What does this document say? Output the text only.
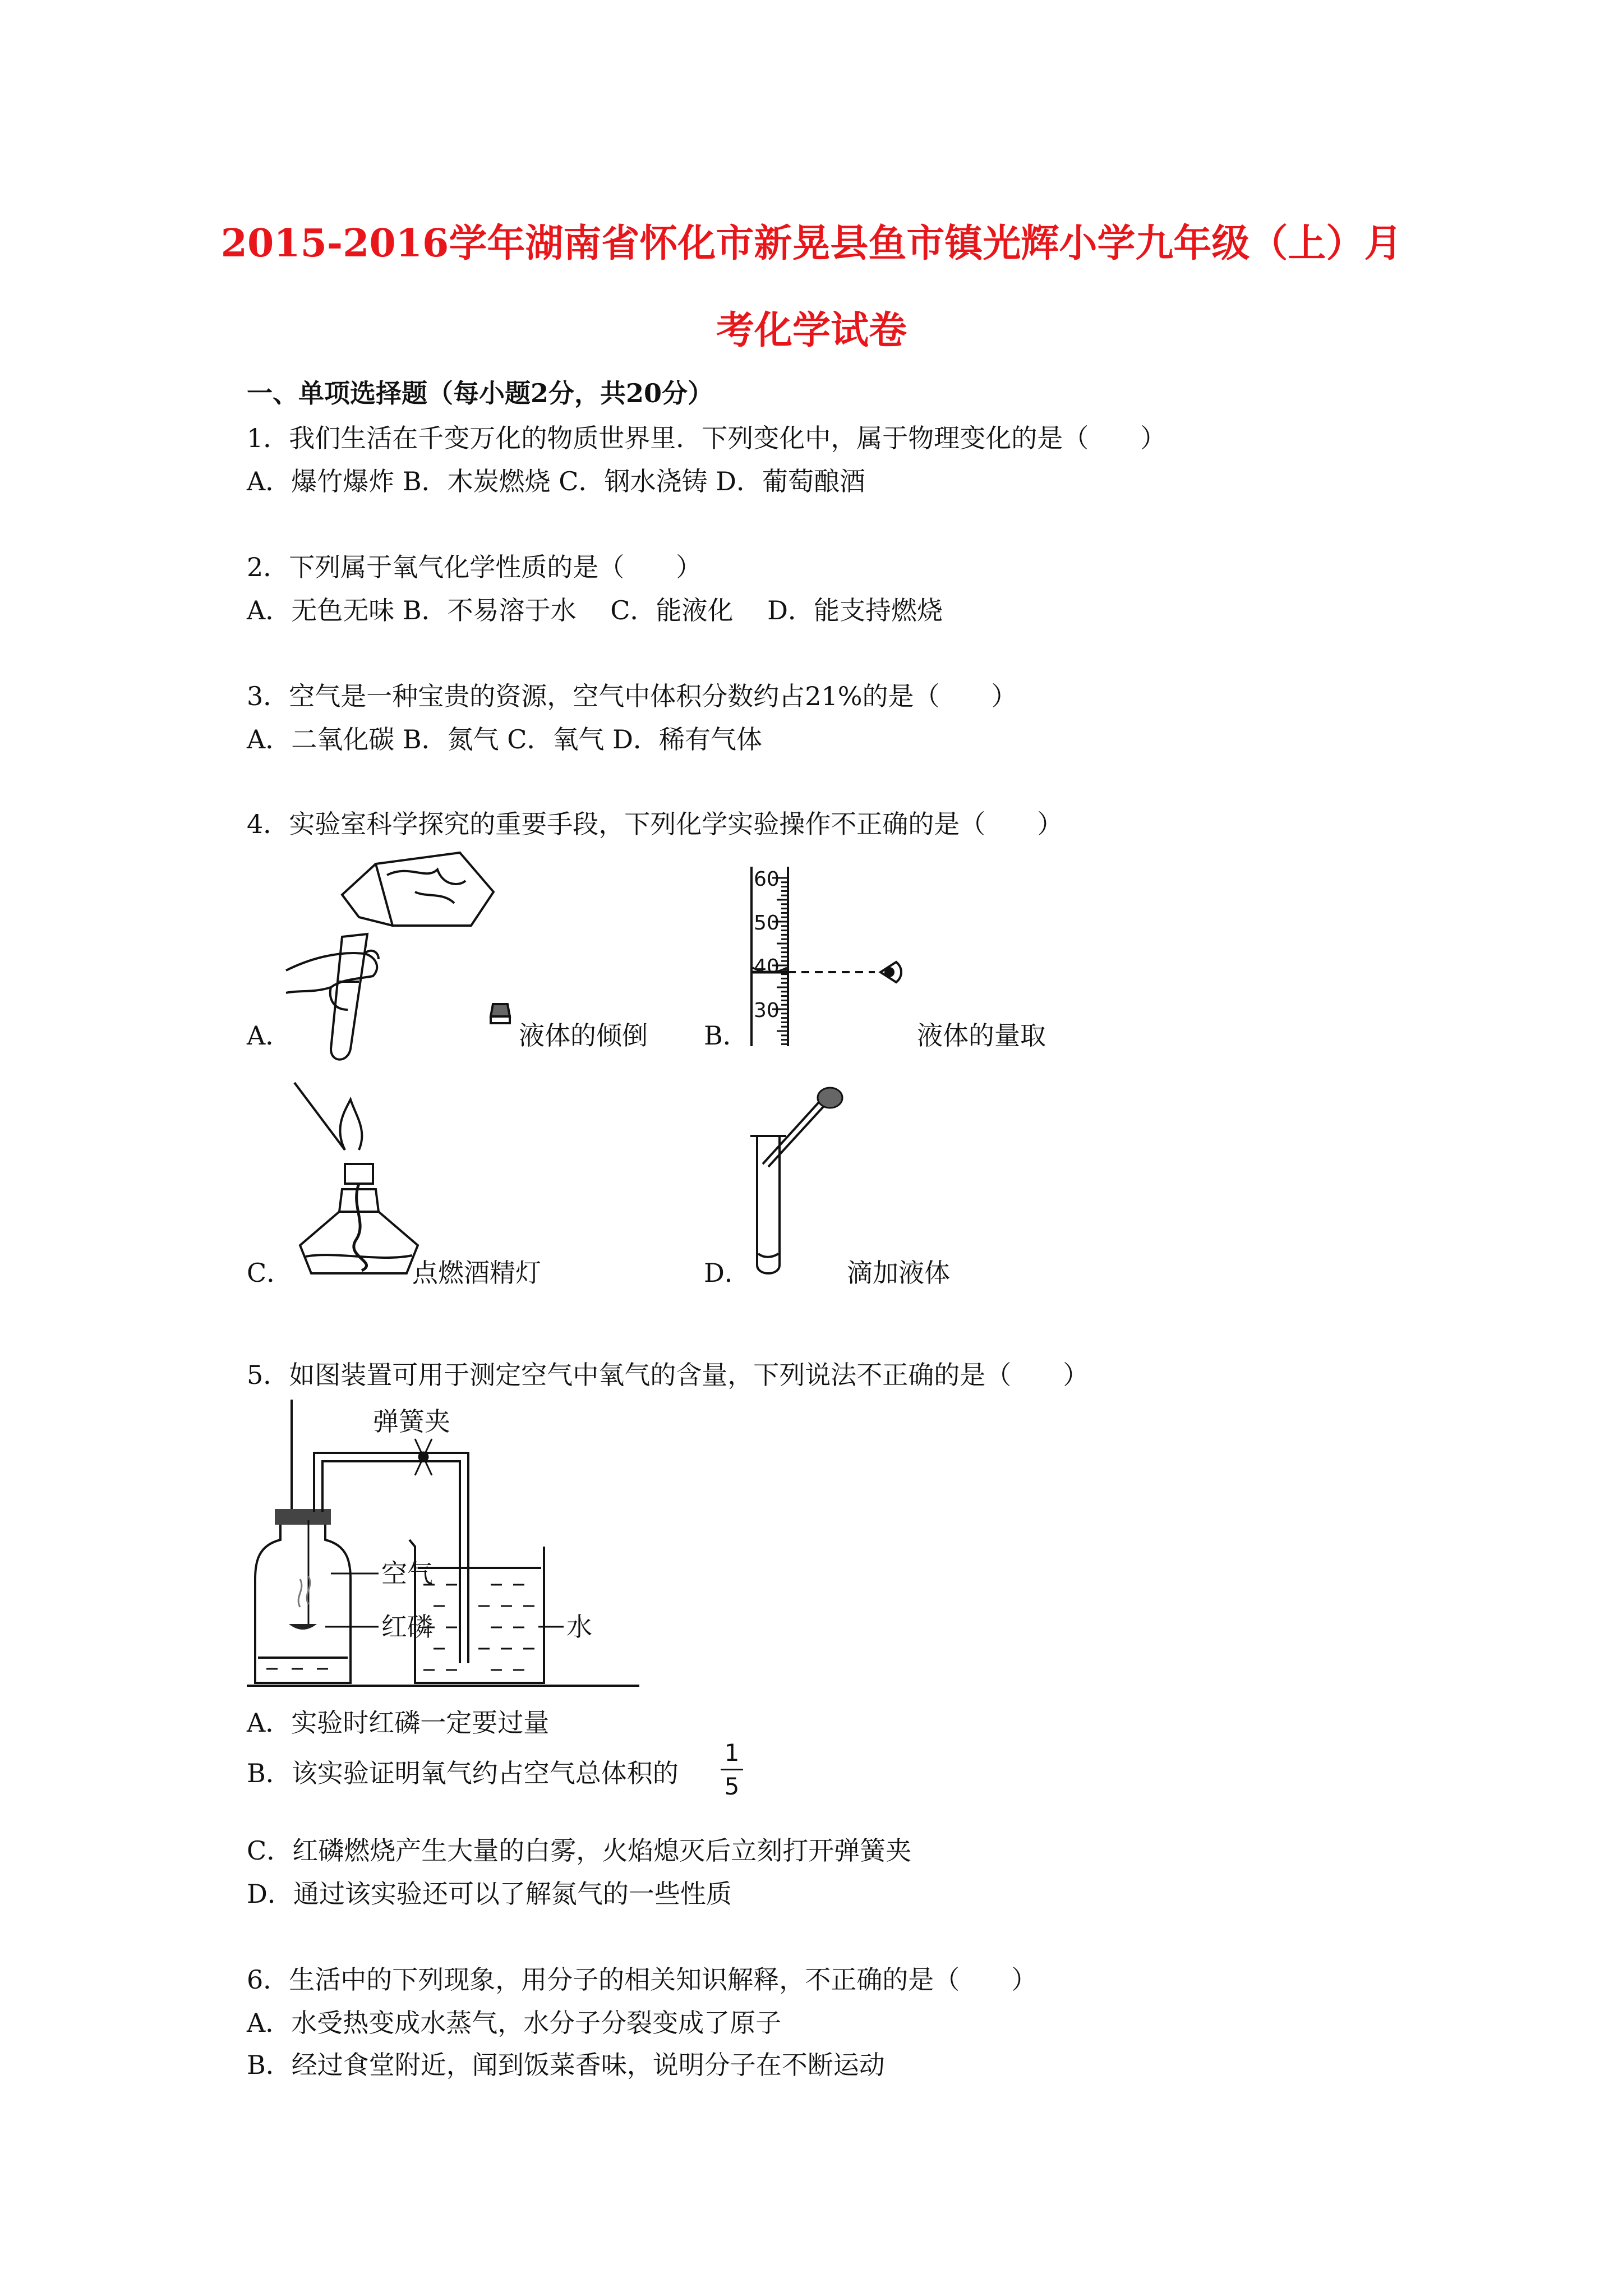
2015-2016学年湖南省怀化市新晃县鱼市镇光辉小学九年级（上）月
考化学试卷
一、单项选择题（每小题2分，共20分）
1．我们生活在千变万化的物质世界里．下列变化中，属于物理变化的是（　　）
A．爆竹爆炸 B．木炭燃烧 C．钢水浇铸 D．葡萄酿酒
2．下列属于氧气化学性质的是（　　）
A．无色无味 B．不易溶于水　 C．能液化　 D．能支持燃烧
3．空气是一种宝贵的资源，空气中体积分数约占21%的是（　　）
A．二氧化碳 B．氮气 C．氧气 D．稀有气体
4．实验室科学探究的重要手段，下列化学实验操作不正确的是（　　）
A．	液体的倾倒
60
50
40
30
B．	液体的量取
C．	点燃酒精灯	D．	滴加液体
5．如图装置可用于测定空气中氧气的含量，下列说法不正确的是（　　）
弹簧夹
空气
红磷	水
A．实验时红磷一定要过量
B．该实验证明氧气约占空气总体积的
1
5
C．红磷燃烧产生大量的白雾，火焰熄灭后立刻打开弹簧夹
D．通过该实验还可以了解氮气的一些性质
6．生活中的下列现象，用分子的相关知识解释，不正确的是（　　）
A．水受热变成水蒸气，水分子分裂变成了原子
B．经过食堂附近，闻到饭菜香味，说明分子在不断运动
